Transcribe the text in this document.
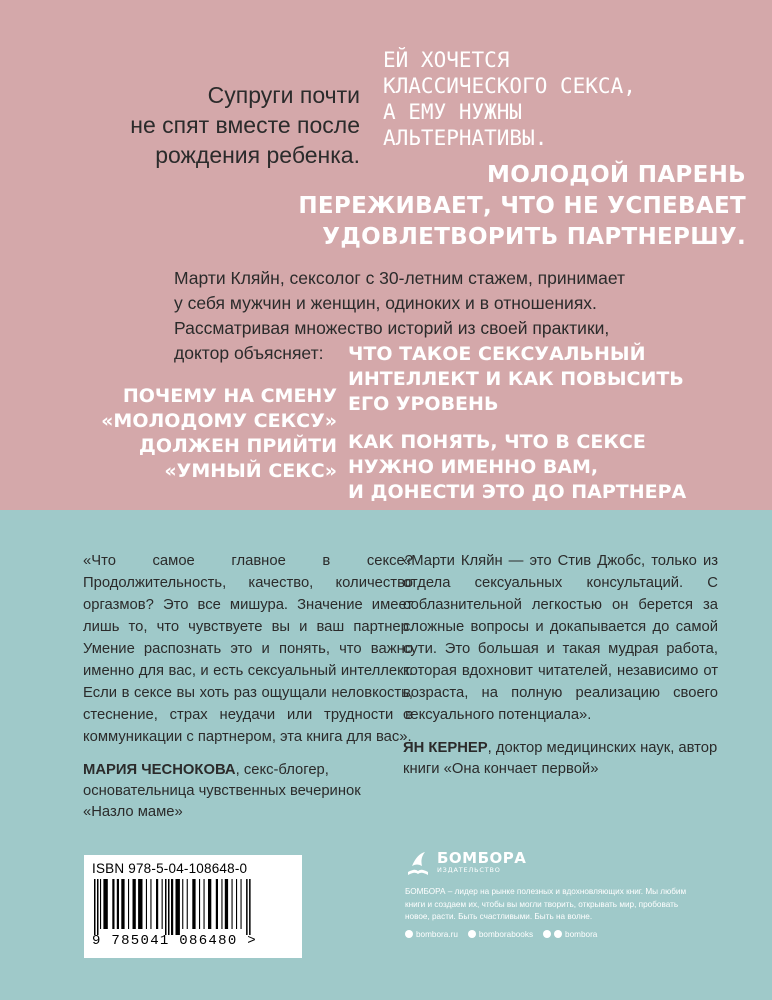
Супруги почти
не спят вместе после
рождения ребенка.
ЕЙ ХОЧЕТСЯ
КЛАССИЧЕСКОГО СЕКСА,
А ЕМУ НУЖНЫ
АЛЬТЕРНАТИВЫ.
МОЛОДОЙ ПАРЕНЬ
ПЕРЕЖИВАЕТ, ЧТО НЕ УСПЕВАЕТ
УДОВЛЕТВОРИТЬ ПАРТНЕРШУ.
Марти Кляйн, сексолог с 30-летним стажем, принимает
у себя мужчин и женщин, одиноких и в отношениях.
Рассматривая множество историй из своей практики,
доктор объясняет:	ЧТО ТАКОЕ СЕКСУАЛЬНЫЙ
ИНТЕЛЛЕКТ И КАК ПОВЫСИТЬ
ЕГО УРОВЕНЬ
ПОЧЕМУ НА СМЕНУ
«МОЛОДОМУ СЕКСУ»
ДОЛЖЕН ПРИЙТИ
«УМНЫЙ СЕКС»
КАК ПОНЯТЬ, ЧТО В СЕКСЕ
НУЖНО ИМЕННО ВАМ,
И ДОНЕСТИ ЭТО ДО ПАРТНЕРА
«Что самое главное в сексе? Продолжительность, качество, количество оргазмов? Это все мишура. Значение имеет лишь то, что чувствуете вы и ваш партнер. Умение распознать это и понять, что важно именно для вас, и есть сексуальный интеллект. Если в сексе вы хоть раз ощущали неловкость, стеснение, страх неудачи или трудности в коммуникации с партнером, эта книга для вас».
МАРИЯ ЧЕСНОКОВА, секс-блогер, основательница чувственных вечеринок «Назло маме»
«Марти Кляйн — это Стив Джобс, только из отдела сексуальных консультаций. С соблазнительной легкостью он берется за сложные вопросы и докапывается до самой сути. Это большая и такая мудрая работа, которая вдохновит читателей, независимо от возраста, на полную реализацию своего сексуального потенциала».
ЯН КЕРНЕР, доктор медицинских наук, автор книги «Она кончает первой»
ISBN 978-5-04-108648-0
9 785041 086480 >
БОМБОРА
ИЗДАТЕЛЬСТВО
БОМБОРА – лидер на рынке полезных и вдохновляющих книг. Мы любим книги и создаем их, чтобы вы могли творить, открывать мир, пробовать новое, расти. Быть счастливыми. Быть на волне.
bombora.ru	bomborabooks	bombora
